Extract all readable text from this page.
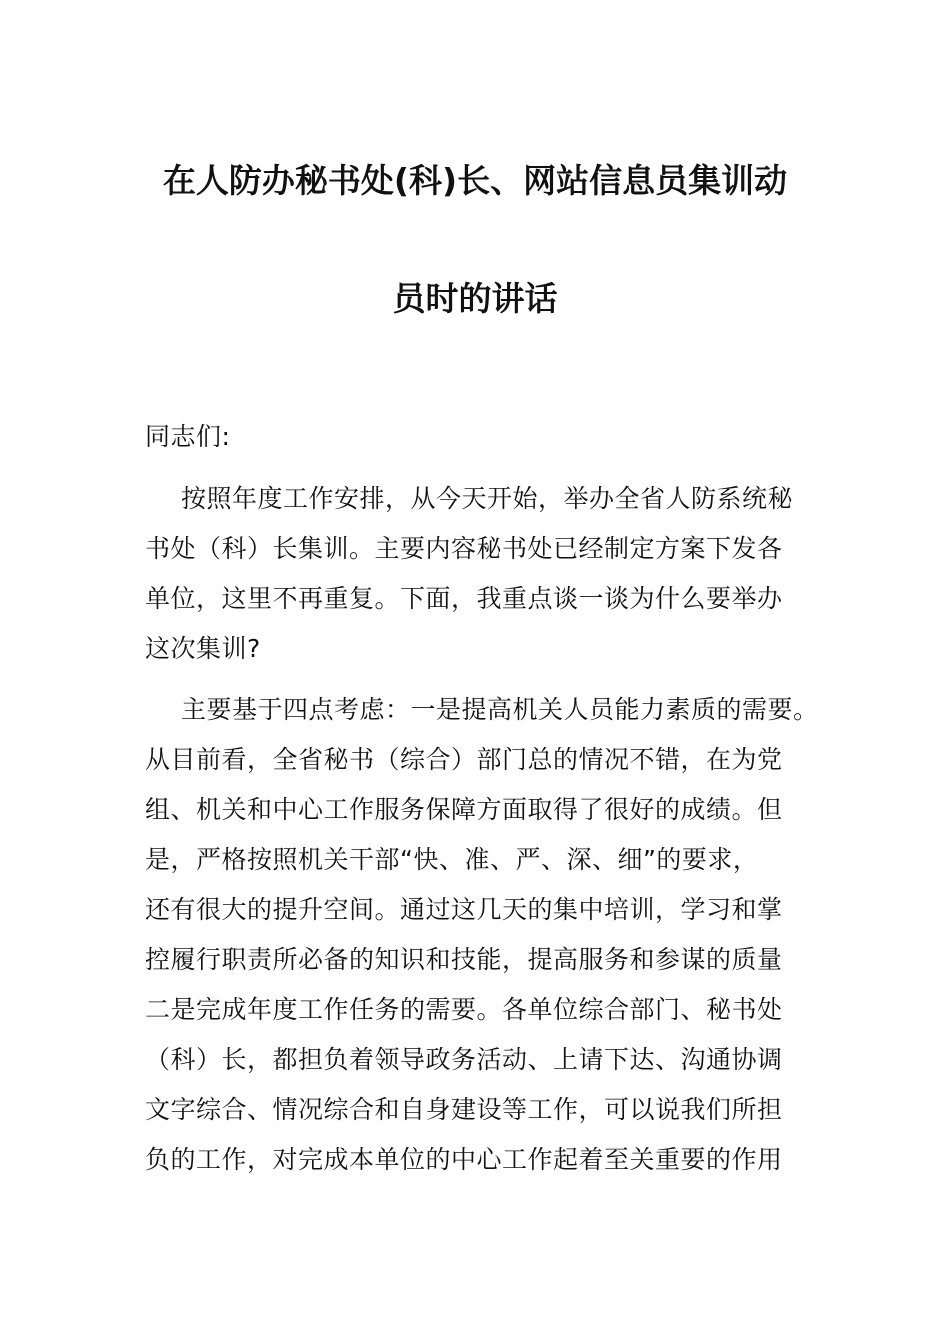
在人防办秘书处(科)长、网站信息员集训动
员时的讲话
同志们:
按照年度工作安排，从今天开始，举办全省人防系统秘
书处（科）长集训。主要内容秘书处已经制定方案下发各
单位，这里不再重复。下面，我重点谈一谈为什么要举办
这次集训?
主要基于四点考虑：一是提高机关人员能力素质的需要。
从目前看，全省秘书（综合）部门总的情况不错，在为党
组、机关和中心工作服务保障方面取得了很好的成绩。但
是，严格按照机关干部“快、准、严、深、细”的要求，
还有很大的提升空间。通过这几天的集中培训，学习和掌
控履行职责所必备的知识和技能，提高服务和参谋的质量
二是完成年度工作任务的需要。各单位综合部门、秘书处
（科）长，都担负着领导政务活动、上请下达、沟通协调
文字综合、情况综合和自身建设等工作，可以说我们所担
负的工作，对完成本单位的中心工作起着至关重要的作用
